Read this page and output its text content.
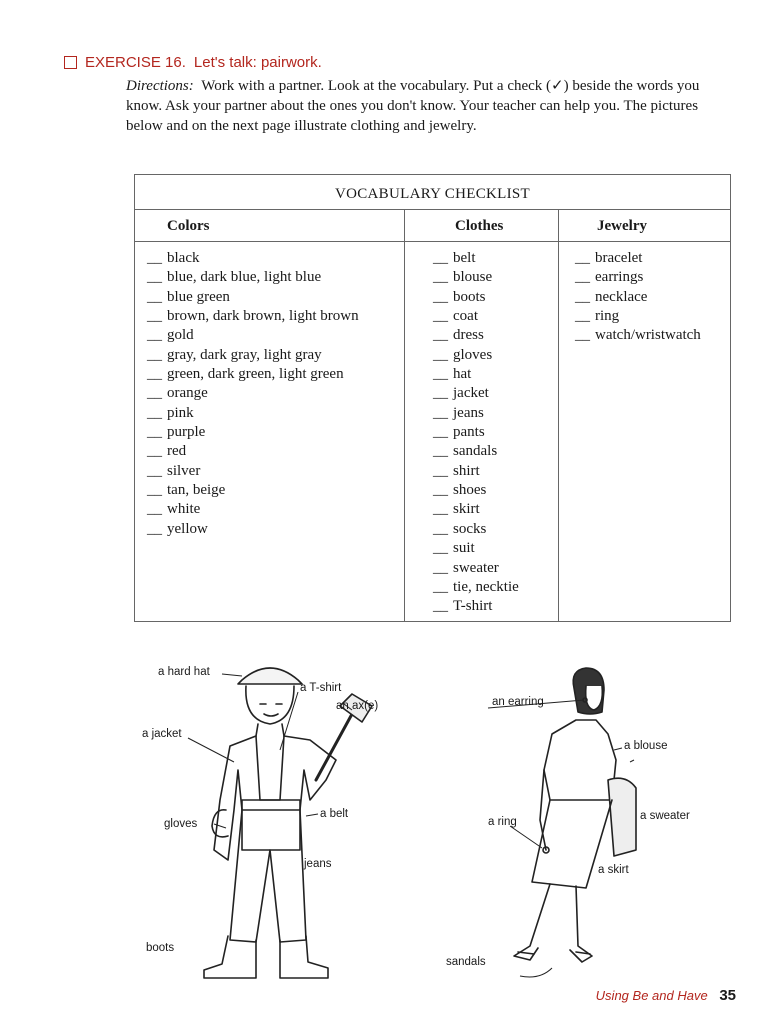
EXERCISE 16. Let's talk: pairwork.
Directions: Work with a partner. Look at the vocabulary. Put a check (✓) beside the words you know. Ask your partner about the ones you don't know. Your teacher can help you. The pictures below and on the next page illustrate clothing and jewelry.
VOCABULARY CHECKLIST
Colors
__ black
__ blue, dark blue, light blue
__ blue green
__ brown, dark brown, light brown
__ gold
__ gray, dark gray, light gray
__ green, dark green, light green
__ orange
__ pink
__ purple
__ red
__ silver
__ tan, beige
__ white
__ yellow
Clothes
__ belt
__ blouse
__ boots
__ coat
__ dress
__ gloves
__ hat
__ jacket
__ jeans
__ pants
__ sandals
__ shirt
__ shoes
__ skirt
__ socks
__ suit
__ sweater
__ tie, necktie
__ T-shirt
Jewelry
__ bracelet
__ earrings
__ necklace
__ ring
__ watch/wristwatch
a hard hat
a T-shirt
an ax(e)
a jacket
a belt
gloves
jeans
boots
an earring
a blouse
a sweater
a ring
a skirt
sandals
Using Be and Have 35
